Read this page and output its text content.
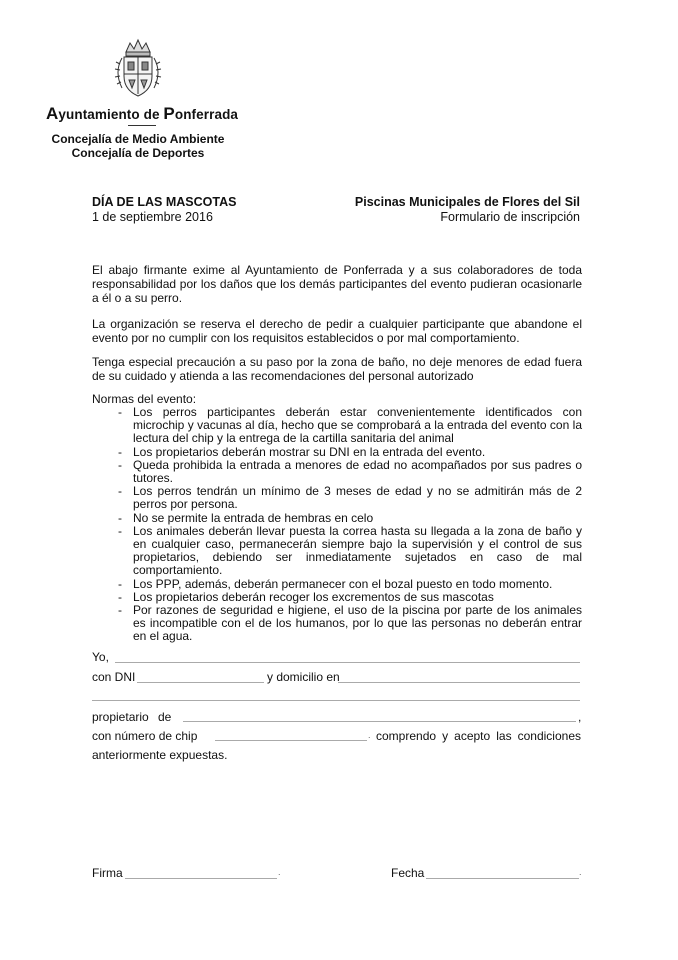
Ayuntamiento de Ponferrada
Concejalía de Medio Ambiente
Concejalía de Deportes
DÍA DE LAS MASCOTAS
1 de septiembre 2016
Piscinas Municipales de Flores del Sil
Formulario de inscripción
El abajo firmante exime al Ayuntamiento de Ponferrada y a sus colaboradores de toda responsabilidad por los daños que los demás participantes del evento pudieran ocasionarle a él o a su perro.
La organización se reserva el derecho de pedir a cualquier participante que abandone el evento por no cumplir con los requisitos establecidos o por mal comportamiento.
Tenga especial precaución a su paso por la zona de baño, no deje menores de edad fuera de su cuidado y atienda a las recomendaciones del personal autorizado
Normas del evento:
- Los perros participantes deberán estar convenientemente identificados con microchip y vacunas al día, hecho que se comprobará a la entrada del evento con la lectura del chip y la entrega de la cartilla sanitaria del animal
- Los propietarios deberán mostrar su DNI en la entrada del evento.
- Queda prohibida la entrada a menores de edad no acompañados por sus padres o tutores.
- Los perros tendrán un mínimo de 3 meses de edad y no se admitirán más de 2 perros por persona.
- No se permite la entrada de hembras en celo
- Los animales deberán llevar puesta la correa hasta su llegada a la zona de baño y en cualquier caso, permanecerán siempre bajo la supervisión y el control de sus propietarios, debiendo ser inmediatamente sujetados en caso de mal comportamiento.
- Los PPP, además, deberán permanecer con el bozal puesto en todo momento.
- Los propietarios deberán recoger los excrementos de sus mascotas
- Por razones de seguridad e higiene, el uso de la piscina por parte de los animales es incompatible con el de los humanos, por lo que las personas no deberán entrar en el agua.
Yo,
con DNI	y domicilio en
propietario de	,
con número de chip	. comprendo y acepto las condiciones
anteriormente expuestas.
Firma	.	Fecha	.
